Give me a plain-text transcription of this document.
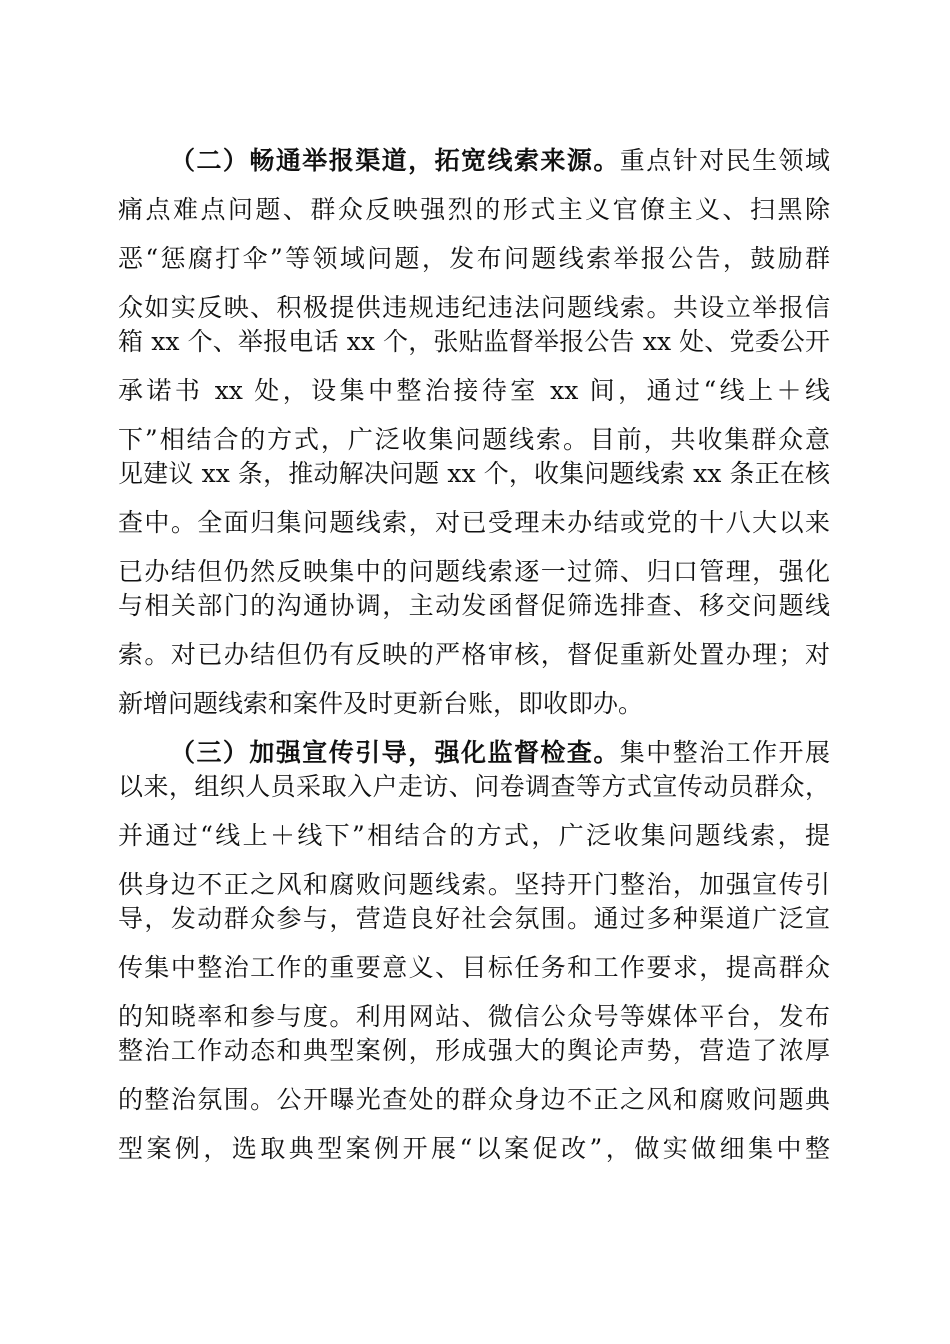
（二）畅通举报渠道，拓宽线索来源。重点针对民生领域
痛点难点问题、群众反映强烈的形式主义官僚主义、扫黑除
恶“惩腐打伞”等领域问题，发布问题线索举报公告，鼓励群
众如实反映、积极提供违规违纪违法问题线索。共设立举报信
箱 xx 个、举报电话 xx 个，张贴监督举报公告 xx 处、党委公开
承诺书 xx 处，设集中整治接待室 xx 间，通过“线上＋线
下”相结合的方式，广泛收集问题线索。目前，共收集群众意
见建议 xx 条，推动解决问题 xx 个，收集问题线索 xx 条正在核
查中。全面归集问题线索，对已受理未办结或党的十八大以来
已办结但仍然反映集中的问题线索逐一过筛、归口管理，强化
与相关部门的沟通协调，主动发函督促筛选排查、移交问题线
索。对已办结但仍有反映的严格审核，督促重新处置办理；对
新增问题线索和案件及时更新台账，即收即办。
（三）加强宣传引导，强化监督检查。集中整治工作开展
以来，组织人员采取入户走访、问卷调查等方式宣传动员群众，
并通过“线上＋线下”相结合的方式，广泛收集问题线索，提
供身边不正之风和腐败问题线索。坚持开门整治，加强宣传引
导，发动群众参与，营造良好社会氛围。通过多种渠道广泛宣
传集中整治工作的重要意义、目标任务和工作要求，提高群众
的知晓率和参与度。利用网站、微信公众号等媒体平台，发布
整治工作动态和典型案例，形成强大的舆论声势，营造了浓厚
的整治氛围。公开曝光查处的群众身边不正之风和腐败问题典
型案例，选取典型案例开展“以案促改”，做实做细集中整
